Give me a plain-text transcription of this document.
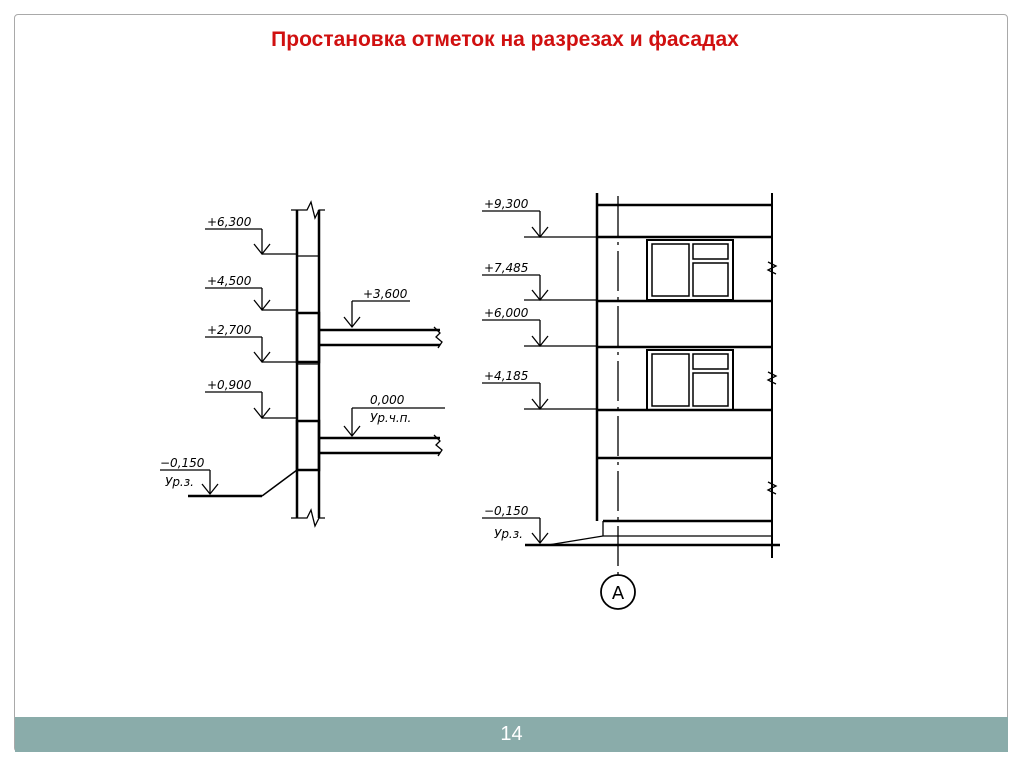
Простановка отметок на разрезах и фасадах
+6,300
+4,500
+2,700
+0,900
−0,150
Ур.з.
+3,600
0,000
Ур.ч.п.
+9,300
+7,485
+6,000
+4,185
−0,150
Ур.з.
А
14
